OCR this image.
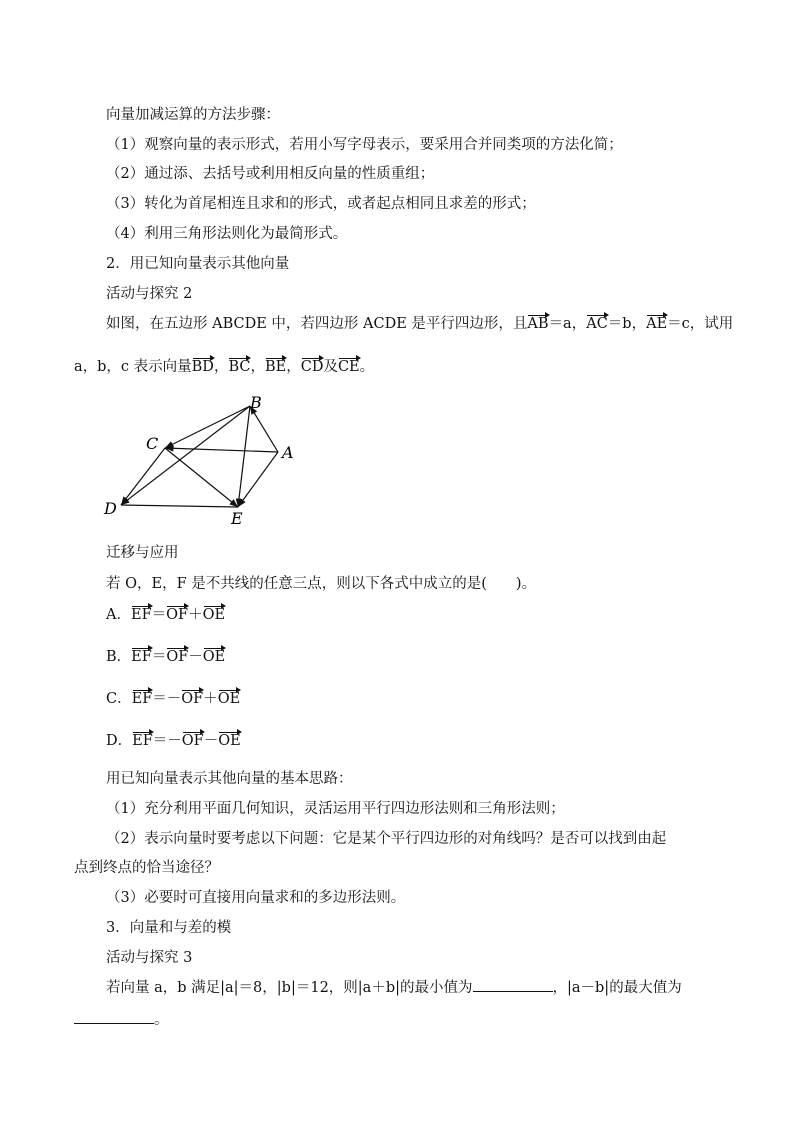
向量加减运算的方法步骤：
（1）观察向量的表示形式，若用小写字母表示，要采用合并同类项的方法化简；
（2）通过添、去括号或利用相反向量的性质重组；
（3）转化为首尾相连且求和的形式，或者起点相同且求差的形式；
（4）利用三角形法则化为最简形式。
2．用已知向量表示其他向量
活动与探究 2
如图，在五边形 ABCDE 中，若四边形 ACDE 是平行四边形，且AB＝a，AC＝b，AE＝c，试用
a，b，c 表示向量BD，BC，BE，CD及CE。
B
C	A
D
E
迁移与应用
若 O，E，F 是不共线的任意三点，则以下各式中成立的是(　　)。
A．EF＝OF＋OE
B．EF＝OF－OE
C．EF＝－OF＋OE
D．EF＝－OF－OE
用已知向量表示其他向量的基本思路：
（1）充分利用平面几何知识，灵活运用平行四边形法则和三角形法则；
（2）表示向量时要考虑以下问题：它是某个平行四边形的对角线吗？是否可以找到由起
点到终点的恰当途径？
（3）必要时可直接用向量求和的多边形法则。
3．向量和与差的模
活动与探究 3
若向量 a，b 满足|a|＝8，|b|＝12，则|a＋b|的最小值为	，|a－b|的最大值为
。
